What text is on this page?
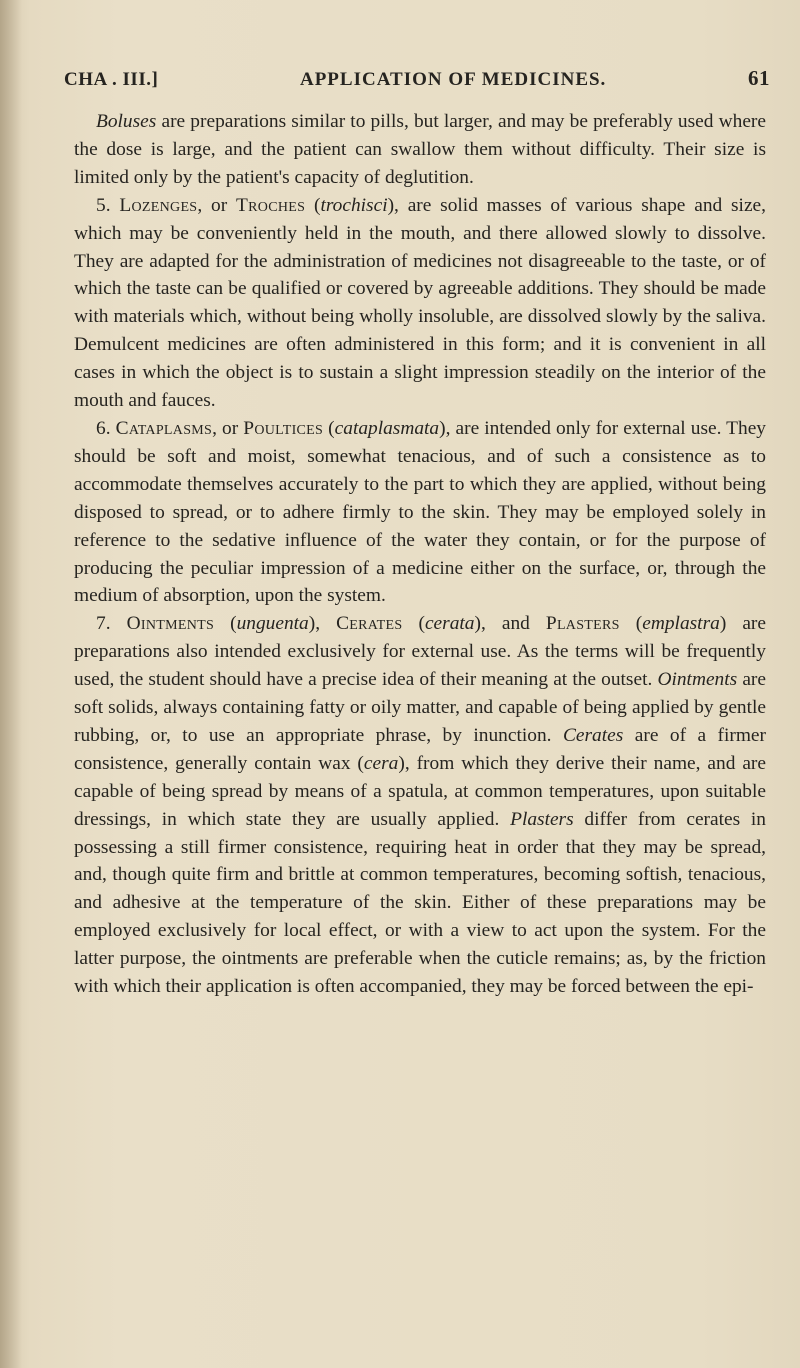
CHA . III.]	APPLICATION OF MEDICINES.	61

Boluses are preparations similar to pills, but larger, and may be preferably used where the dose is large, and the patient can swallow them without difficulty. Their size is limited only by the patient's capacity of deglutition.

5. Lozenges, or Troches (trochisci), are solid masses of various shape and size, which may be conveniently held in the mouth, and there allowed slowly to dissolve. They are adapted for the administration of medicines not disagreeable to the taste, or of which the taste can be qualified or covered by agreeable additions. They should be made with materials which, without being wholly insoluble, are dissolved slowly by the saliva. Demulcent medicines are often administered in this form; and it is convenient in all cases in which the object is to sustain a slight impression steadily on the interior of the mouth and fauces.

6. Cataplasms, or Poultices (cataplasmata), are intended only for external use. They should be soft and moist, somewhat tenacious, and of such a consistence as to accommodate themselves accurately to the part to which they are applied, without being disposed to spread, or to adhere firmly to the skin. They may be employed solely in reference to the sedative influence of the water they contain, or for the purpose of producing the peculiar impression of a medicine either on the surface, or, through the medium of absorption, upon the system.

7. Ointments (unguenta), Cerates (cerata), and Plasters (emplastra) are preparations also intended exclusively for external use. As the terms will be frequently used, the student should have a precise idea of their meaning at the outset. Ointments are soft solids, always containing fatty or oily matter, and capable of being applied by gentle rubbing, or, to use an appropriate phrase, by inunction. Cerates are of a firmer consistence, generally contain wax (cera), from which they derive their name, and are capable of being spread by means of a spatula, at common temperatures, upon suitable dressings, in which state they are usually applied. Plasters differ from cerates in possessing a still firmer consistence, requiring heat in order that they may be spread, and, though quite firm and brittle at common temperatures, becoming softish, tenacious, and adhesive at the temperature of the skin. Either of these preparations may be employed exclusively for local effect, or with a view to act upon the system. For the latter purpose, the ointments are preferable when the cuticle remains; as, by the friction with which their application is often accompanied, they may be forced between the epi-
